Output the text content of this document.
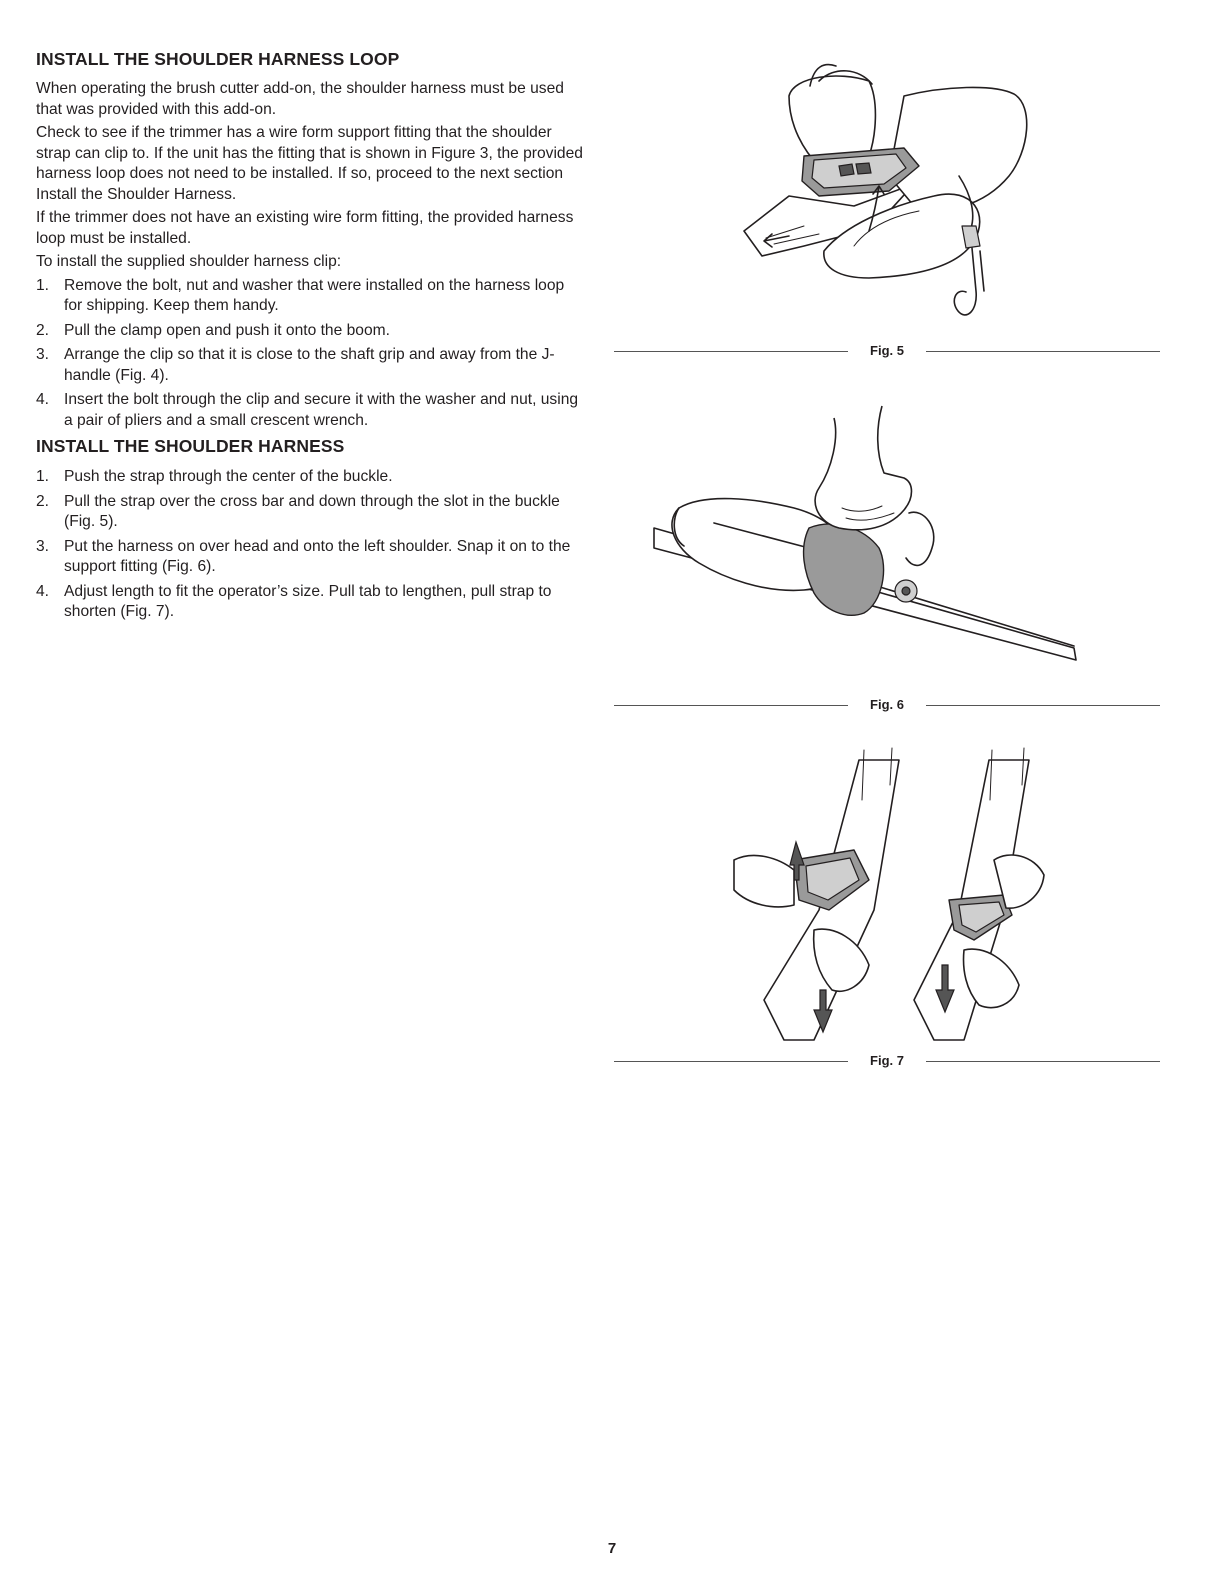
INSTALL THE SHOULDER HARNESS LOOP

When operating the brush cutter add-on, the shoulder harness must be used that was provided with this add-on.

Check to see if the trimmer has a wire form support fitting that the shoulder strap can clip to. If the unit has the fitting that is shown in Figure 3, the provided harness loop does not need to be installed. If so, proceed to the next section Install the Shoulder Harness.

If the trimmer does not have an existing wire form fitting, the provided harness loop must be installed.

To install the supplied shoulder harness clip:

1. Remove the bolt, nut and washer that were installed on the harness loop for shipping. Keep them handy.
2. Pull the clamp open and push it onto the boom.
3. Arrange the clip so that it is close to the shaft grip and away from the J-handle (Fig. 4).
4. Insert the bolt through the clip and secure it with the washer and nut, using a pair of pliers and a small crescent wrench.
INSTALL THE SHOULDER HARNESS
1. Push the strap through the center of the buckle.
2. Pull the strap over the cross bar and down through the slot in the buckle (Fig. 5).
3. Put the harness on over head and onto the left shoulder. Snap it on to the support fitting (Fig. 6).
4. Adjust length to fit the operator’s size. Pull tab to lengthen, pull strap to shorten (Fig. 7).
Fig. 5
Fig. 6
Fig. 7
7
